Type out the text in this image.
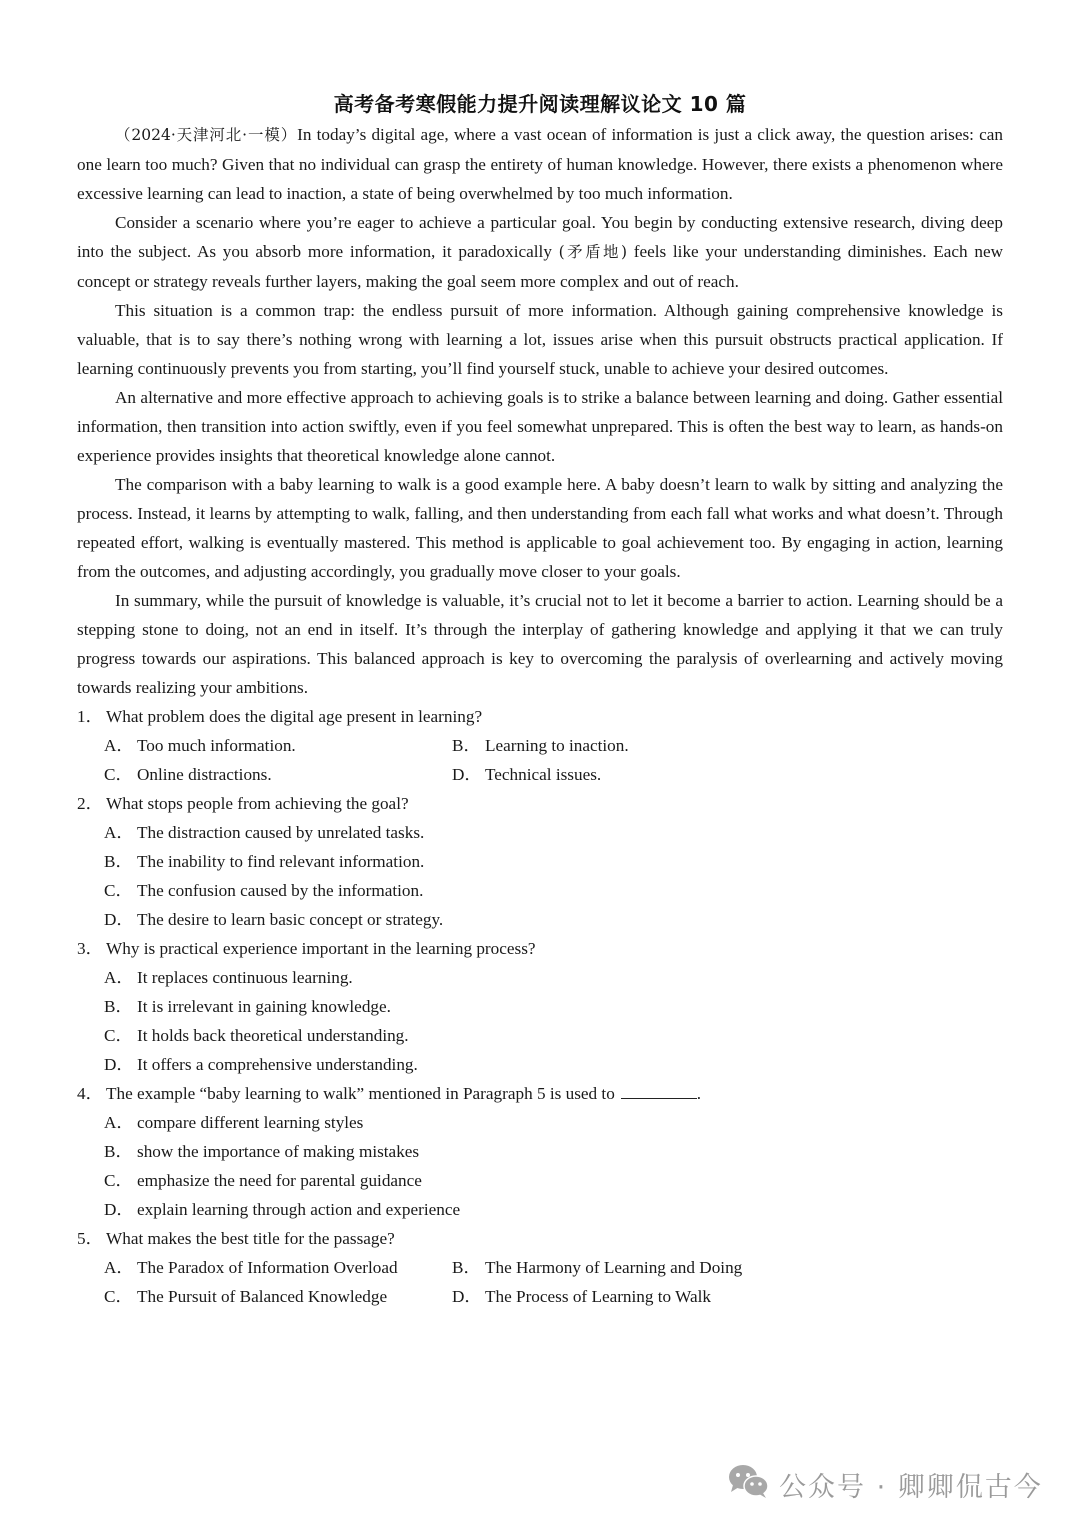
高考备考寒假能力提升阅读理解议论文 10 篇

（2024·天津河北·一模）In today’s digital age, where a vast ocean of information is just a click away, the question arises: can one learn too much? Given that no individual can grasp the entirety of human knowledge. However, there exists a phenomenon where excessive learning can lead to inaction, a state of being overwhelmed by too much information.

Consider a scenario where you’re eager to achieve a particular goal. You begin by conducting extensive research, diving deep into the subject. As you absorb more information, it paradoxically (矛盾地) feels like your understanding diminishes. Each new concept or strategy reveals further layers, making the goal seem more complex and out of reach.

This situation is a common trap: the endless pursuit of more information. Although gaining comprehensive knowledge is valuable, that is to say there’s nothing wrong with learning a lot, issues arise when this pursuit obstructs practical application. If learning continuously prevents you from starting, you’ll find yourself stuck, unable to achieve your desired outcomes.

An alternative and more effective approach to achieving goals is to strike a balance between learning and doing. Gather essential information, then transition into action swiftly, even if you feel somewhat unprepared. This is often the best way to learn, as hands-on experience provides insights that theoretical knowledge alone cannot.

The comparison with a baby learning to walk is a good example here. A baby doesn’t learn to walk by sitting and analyzing the process. Instead, it learns by attempting to walk, falling, and then understanding from each fall what works and what doesn’t. Through repeated effort, walking is eventually mastered. This method is applicable to goal achievement too. By engaging in action, learning from the outcomes, and adjusting accordingly, you gradually move closer to your goals.

In summary, while the pursuit of knowledge is valuable, it’s crucial not to let it become a barrier to action. Learning should be a stepping stone to doing, not an end in itself. It’s through the interplay of gathering knowledge and applying it that we can truly progress towards our aspirations. This balanced approach is key to overcoming the paralysis of overlearning and actively moving towards realizing your ambitions.

1． What problem does the digital age present in learning?
A． Too much information.	B． Learning to inaction.
C． Online distractions.	D． Technical issues.
2． What stops people from achieving the goal?
A． The distraction caused by unrelated tasks.
B． The inability to find relevant information.
C． The confusion caused by the information.
D． The desire to learn basic concept or strategy.
3． Why is practical experience important in the learning process?
A． It replaces continuous learning.
B． It is irrelevant in gaining knowledge.
C． It holds back theoretical understanding.
D． It offers a comprehensive understanding.
4． The example “baby learning to walk” mentioned in Paragraph 5 is used to	.
A． compare different learning styles
B． show the importance of making mistakes
C． emphasize the need for parental guidance
D． explain learning through action and experience
5． What makes the best title for the passage?
A． The Paradox of Information Overload	B． The Harmony of Learning and Doing
C． The Pursuit of Balanced Knowledge	D． The Process of Learning to Walk
公众号 · 卿卿侃古今
